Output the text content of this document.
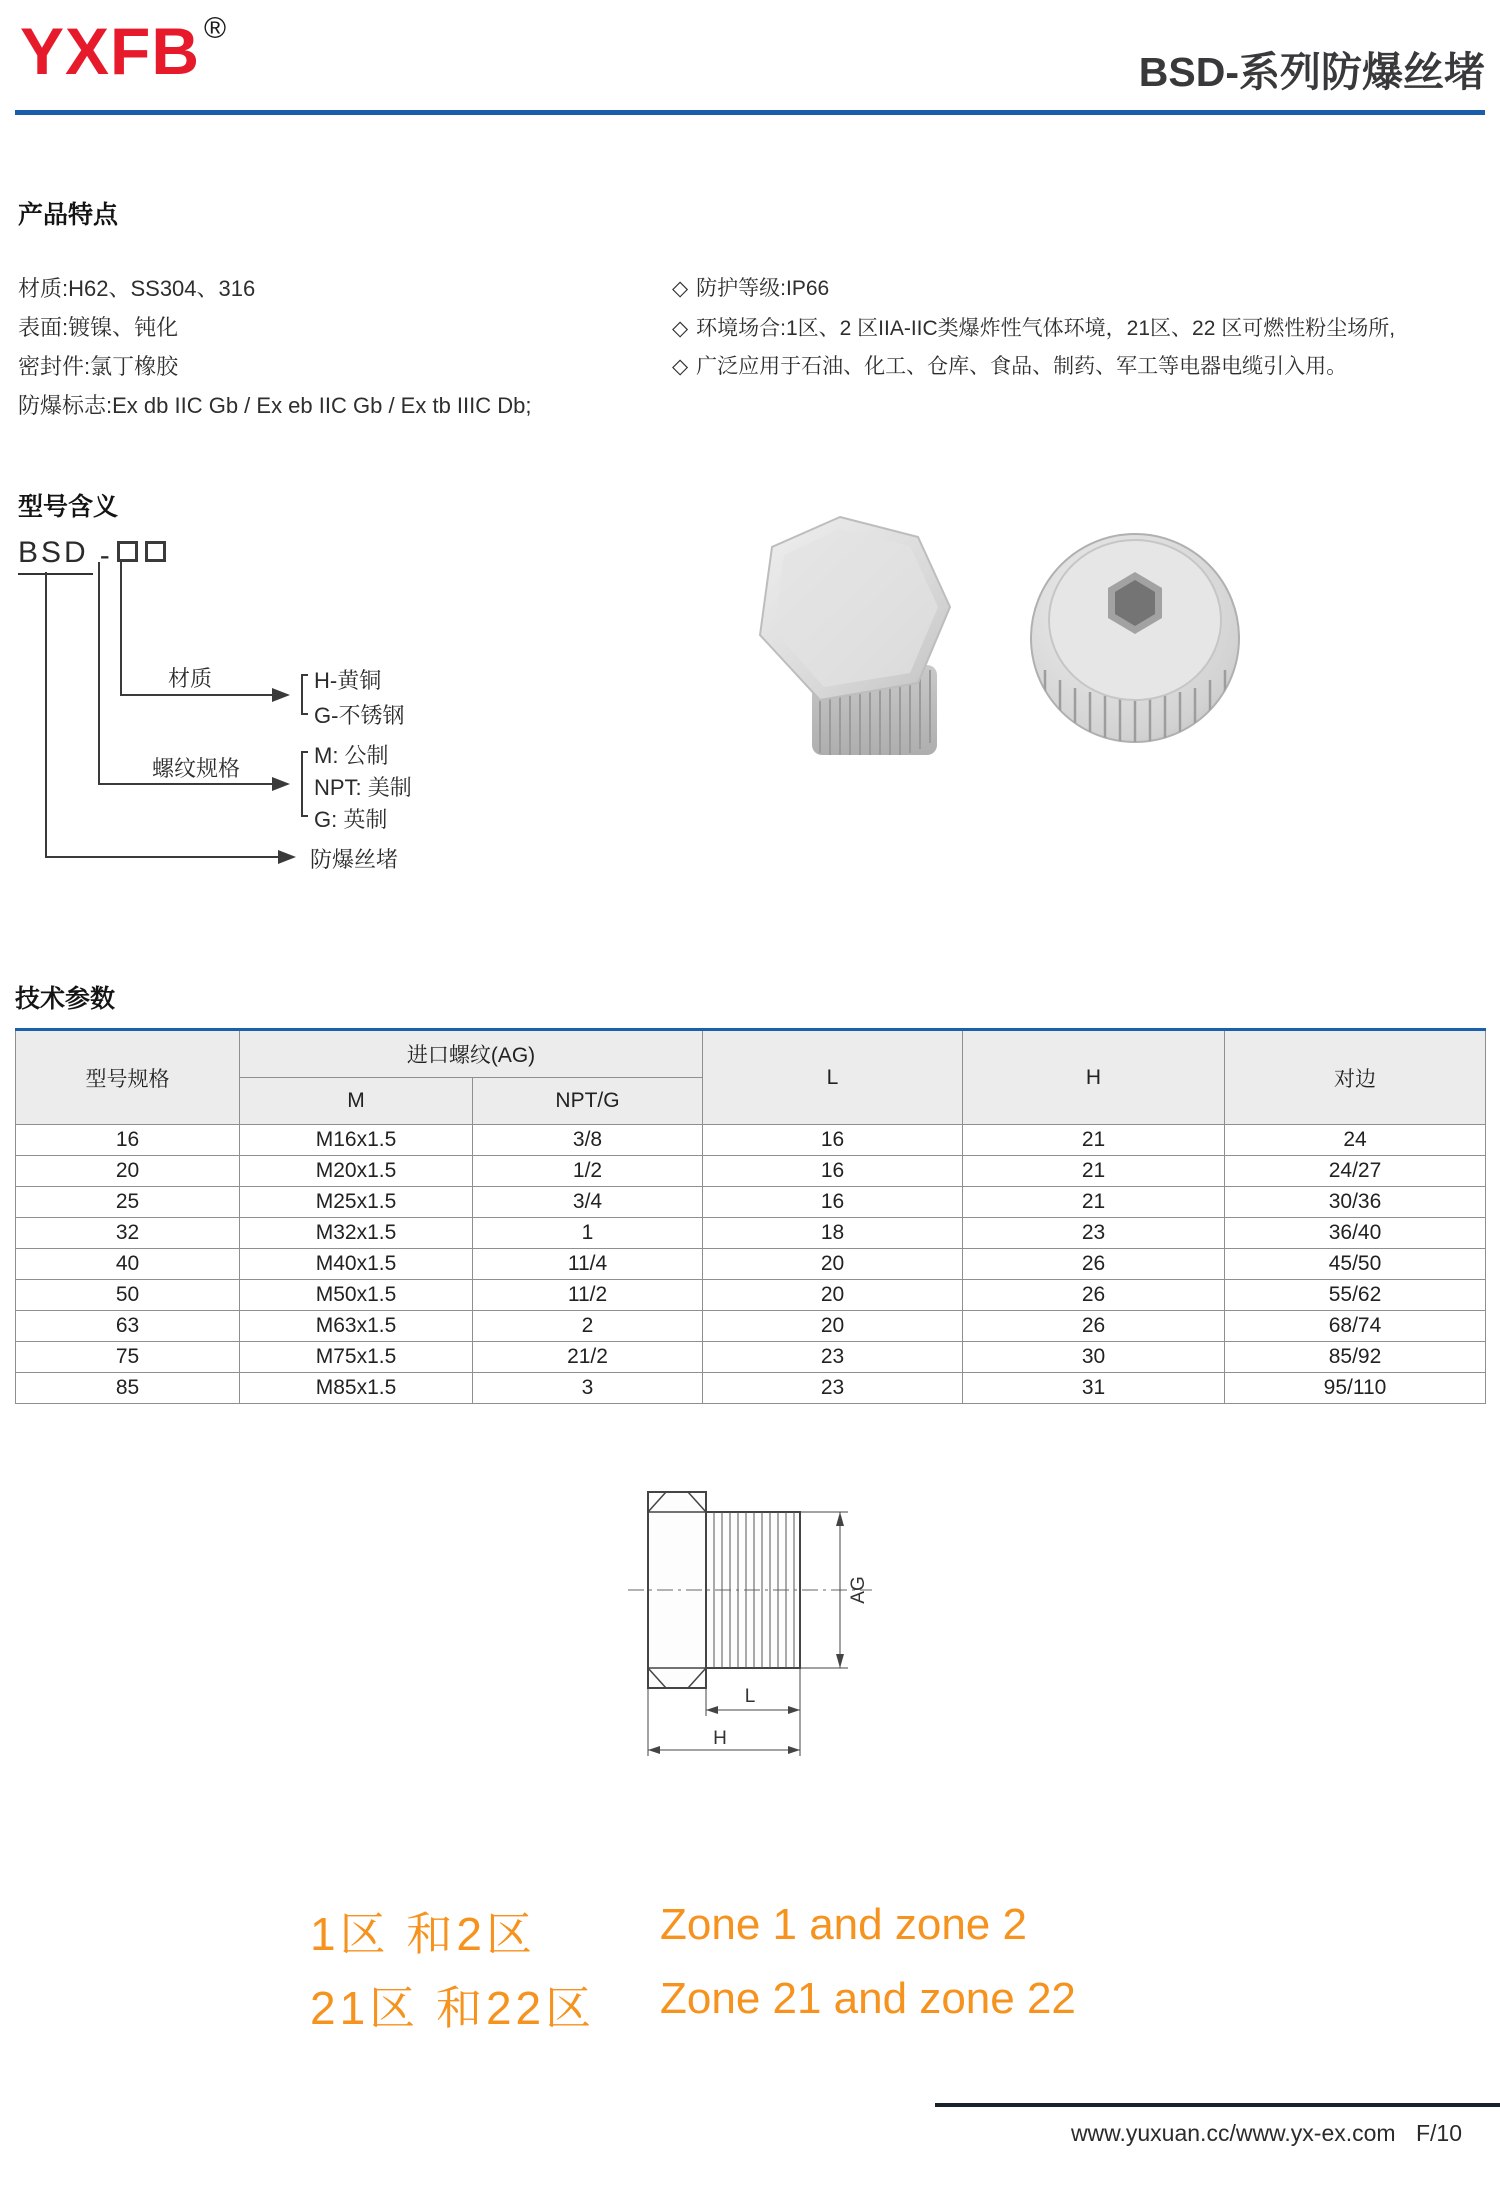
YXFB ®
BSD-系列防爆丝堵
产品特点
材质:H62、SS304、316
表面:镀镍、钝化
密封件:氯丁橡胶
防爆标志:Ex db IIC Gb / Ex eb IIC Gb / Ex tb IIIC Db;
◇ 防护等级:IP66
◇ 环境场合:1区、2 区IIA-IIC类爆炸性气体环境，21区、22 区可燃性粉尘场所,
◇ 广泛应用于石油、化工、仓库、食品、制药、军工等电器电缆引入用。
型号含义
BSD -
材质
螺纹规格
H-黄铜
G-不锈钢
M: 公制
NPT: 美制
G: 英制
防爆丝堵
技术参数
型号规格	进口螺纹(AG)		L	H	对边
	M	NPT/G			
16	M16x1.5	3/8	16	21	24
20	M20x1.5	1/2	16	21	24/27
25	M25x1.5	3/4	16	21	30/36
32	M32x1.5	1	18	23	36/40
40	M40x1.5	11/4	20	26	45/50
50	M50x1.5	11/2	20	26	55/62
63	M63x1.5	2	20	26	68/74
75	M75x1.5	21/2	23	30	85/92
85	M85x1.5	3	23	31	95/110
AG
L
H
1区 和2区	Zone 1 and zone 2
21区 和22区 Zone 21 and zone 22
www.yuxuan.cc/www.yx-ex.com F/10
